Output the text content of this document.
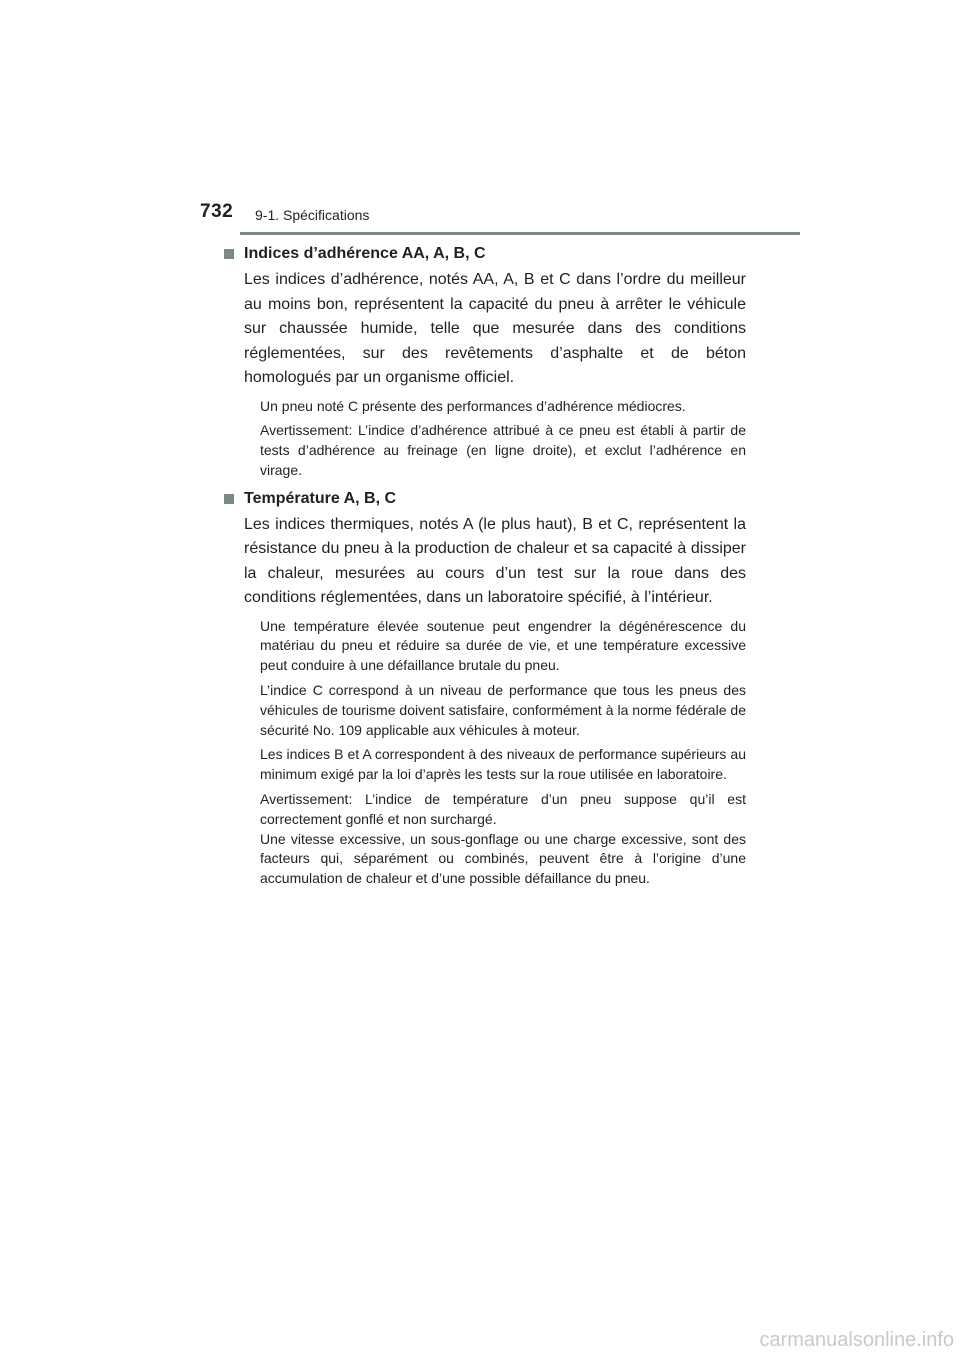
732 9-1. Spécifications
Indices d’adhérence AA, A, B, C

Les indices d’adhérence, notés AA, A, B et C dans l’ordre du meilleur au moins bon, représentent la capacité du pneu à arrêter le véhicule sur chaussée humide, telle que mesurée dans des conditions réglementées, sur des revêtements d’asphalte et de béton homologués par un organisme officiel.

Un pneu noté C présente des performances d’adhérence médiocres.

Avertissement: L’indice d’adhérence attribué à ce pneu est établi à partir de tests d’adhérence au freinage (en ligne droite), et exclut l’adhérence en virage.

Température A, B, C

Les indices thermiques, notés A (le plus haut), B et C, représentent la résistance du pneu à la production de chaleur et sa capacité à dissiper la chaleur, mesurées au cours d’un test sur la roue dans des conditions réglementées, dans un laboratoire spécifié, à l’intérieur.

Une température élevée soutenue peut engendrer la dégénérescence du matériau du pneu et réduire sa durée de vie, et une température excessive peut conduire à une défaillance brutale du pneu.

L’indice C correspond à un niveau de performance que tous les pneus des véhicules de tourisme doivent satisfaire, conformément à la norme fédérale de sécurité No. 109 applicable aux véhicules à moteur.

Les indices B et A correspondent à des niveaux de performance supérieurs au minimum exigé par la loi d’après les tests sur la roue utilisée en laboratoire.

Avertissement: L’indice de température d’un pneu suppose qu’il est correctement gonflé et non surchargé.

Une vitesse excessive, un sous-gonflage ou une charge excessive, sont des facteurs qui, séparément ou combinés, peuvent être à l’origine d’une accumulation de chaleur et d’une possible défaillance du pneu.

carmanualsonline.info
